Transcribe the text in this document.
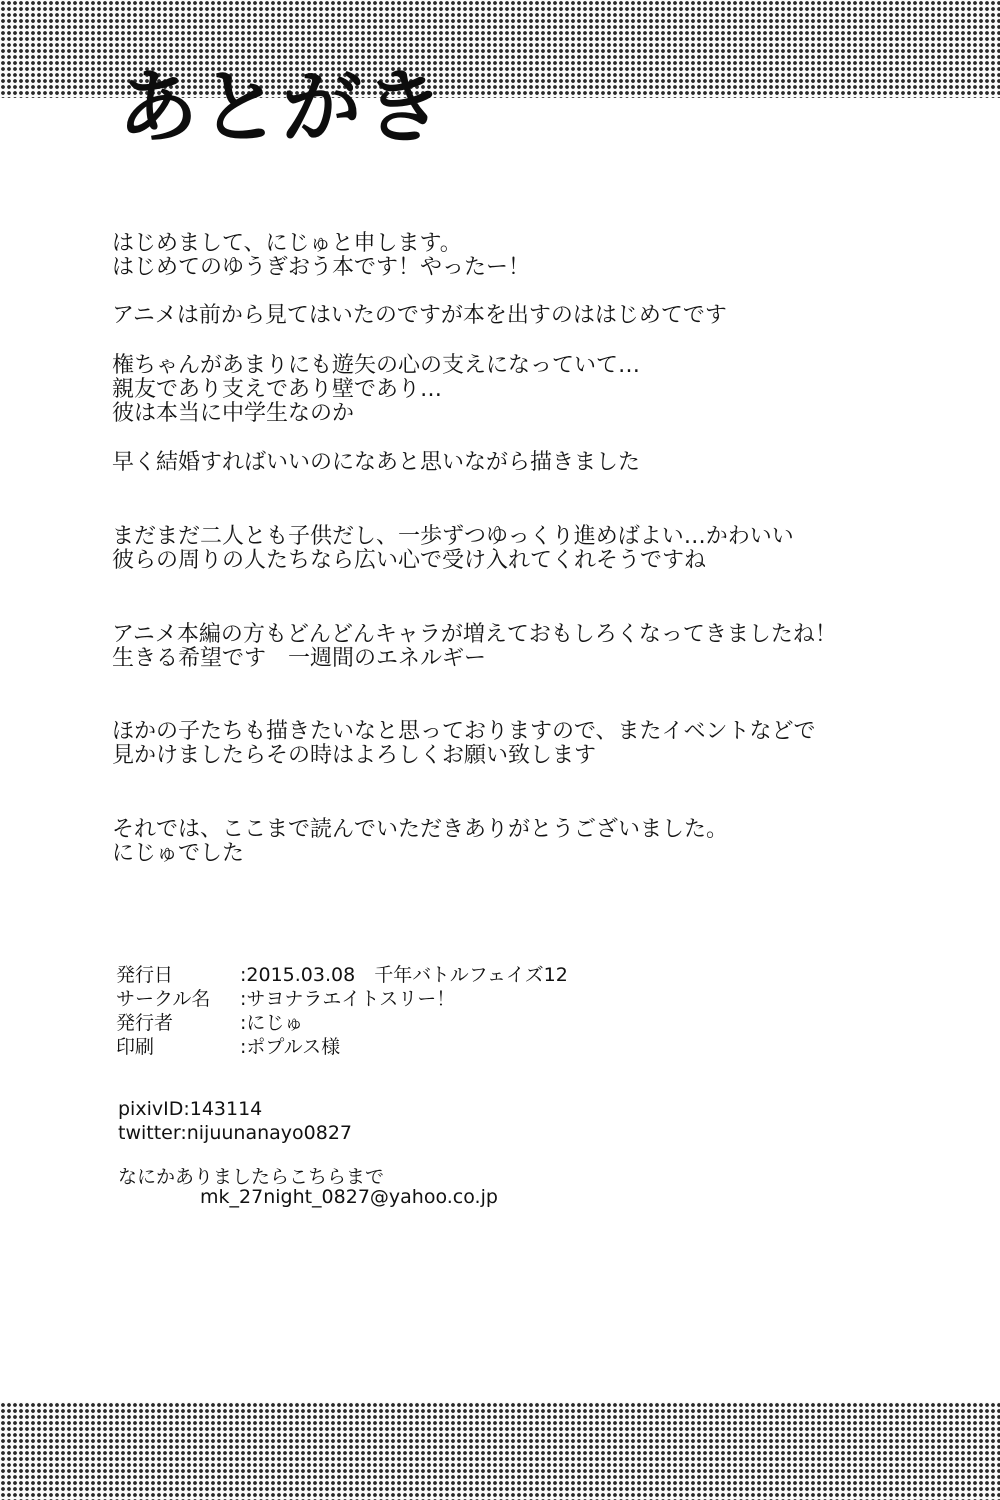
あとがき

はじめまして、にじゅと申します。
はじめてのゆうぎおう本です！やったー！

アニメは前から見てはいたのですが本を出すのははじめてです

権ちゃんがあまりにも遊矢の心の支えになっていて…
親友であり支えであり壁であり…
彼は本当に中学生なのか

早く結婚すればいいのになあと思いながら描きました

まだまだ二人とも子供だし、一歩ずつゆっくり進めばよい…かわいい
彼らの周りの人たちなら広い心で受け入れてくれそうですね

アニメ本編の方もどんどんキャラが増えておもしろくなってきましたね！
生きる希望です　一週間のエネルギー

ほかの子たちも描きたいなと思っておりますので、またイベントなどで
見かけましたらその時はよろしくお願い致します

それでは、ここまで読んでいただきありがとうございました。
にじゅでした

発行日	:2015.03.08　千年バトルフェイズ12
サークル名	:サヨナラエイトスリー！
発行者	:にじゅ
印刷	:ポプルス様
pixivID:143114
twitter:nijuunanayo0827
なにかありましたらこちらまで
mk_27night_0827@yahoo.co.jp
